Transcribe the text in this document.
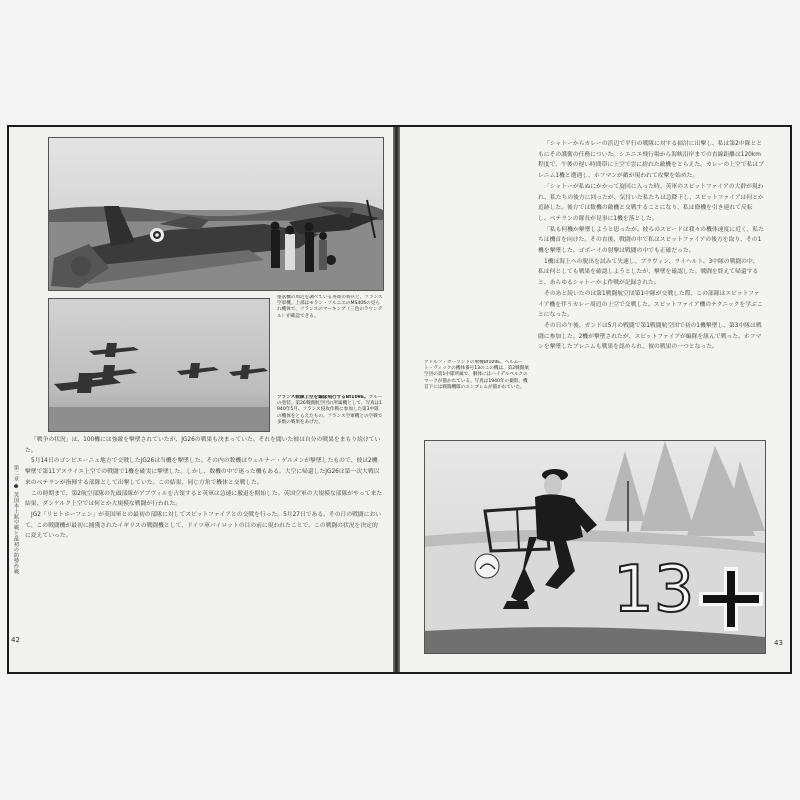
墜落機の周辺を調べている英軍の将兵と、フランス空軍機。上部はモラン・ソルニエのMS406の見られ機体で、フランスのマーキング（三色のラウンデル）が確認できる。

フランス戦線上空を編隊飛行するBf109E。ブルーの塗装。第26戦闘航空団の所属機として、写真は1940年5月、フランス侵攻作戦に参加した第3中隊の機体をとらえたもの。フランス空軍機との空戦で多数の戦果をあげた。

第二章 ● 英国本土航空戦と最初の防勢作戦

「戦争の状況」は、100機には強敵を撃墜されていたが、JG26の戦果も決まっていた。それを聞いた彼は自分の戦果をまもり続けていた。

5月14日のゴンピエーニュ地方で交戦したJG26は当機を撃墜した。その内の数機はウェルナー・ゲルメンが撃墜したもので、彼は2機撃墜で第11アスライエ上空での戦闘で1機を確実に撃墜した。しかし、数機の中で迷った機もある。大空に帰還したJG26は第一次大戦以来のべテランが指揮する部隊として出撃していた。この結果、同じ方角で機体と交戦した。

この時期まで、第2航空部隊の先頭部隊がアブヴィルを占領すると英軍は急速に撤退を開始した。英国空軍の大規模な部隊がやって来た結果、ダンケルク上空では何とか大規模な戦闘が行われた。

JG2「リヒトホーフェン」が英国軍との最初の部隊に対してスピットファイアとの交戦を行った。5月27日である。その日の戦闘において、この戦闘機が最初に捕獲されたイギリスの戦闘機として、ドイツ軍パイロットの目の前に現われたことで、この戦闘の状況を決定的に変えていった。

42

「シャトーからカレーの浜辺で平行の戦隊に対する掃討に出撃し、私は第2中隊とともにその護衛の任務についた。シエニエ飛行場から海峡沿岸までの直線距離は120km程度で、午後の遅い時間帯に上空で雲に紛れた敵機をとらえた。カレーの上空で私はブレニム1機と遭遇し、ホフマンが敵が現われて攻撃を始めた。

「シャトーが私ぬにかかって旋回に入った時、英軍のスピットファイアの大群が現われ、私たちの後方に回ったが、気付いた私たちは急降下し、スピットファイアは何とか追跡した。後方では数機の敵機と交戦することになり、私は僚機を引き連れて反転し、ベテランの隊長が見事に1機を落とした。

「私も何機か撃墜しようと思ったが、彼らのスピードは我々の機体速度に近く、私たちは機首を向けた。その直後、戦闘の中で私はスピットファイアの後方を取り、その1機を撃墜した。ゴボーイの射撃は戦闘の中でも正確だった。

1機は海上への脱出を試みて失速し、ブラヴィン、ライヘルト、3中隊の戦闘の中、私は何としても戦果を確認しようとしたが、撃墜を確認した。戦闘を終えて帰還すると、あらゆるシャトーかよ作戦が記録された。

そのあと続いたのは第1戦闘航空団第1中隊が交戦した際、この部隊はスピットファイア機を伴うカレー周辺の上空で交戦した。スピットファイア機のテクニックを学ぶことになった。

その日の午後、ガンドは5月の戦闘で第1戦闘航空団で初の1機撃墜し、第3中隊は戦闘に参加した。2機が撃墜されたが、スピットファイアが編隊を組んで戦った。ホフマンを撃墜したブレニムも戦果を認められ、彼の戦果の一つとなった。

アドルフ・ガーランドの乗機Bf109E。ヘルムート・ヴィックの機体番号13のこの機は、第2戦闘航空団の第1中隊所属で、胴体にはハイデルベルクのマークが描かれている。写真は1940年の撮影、機首下には戦闘機隊のエンブレムが描かれていた。

13

43
